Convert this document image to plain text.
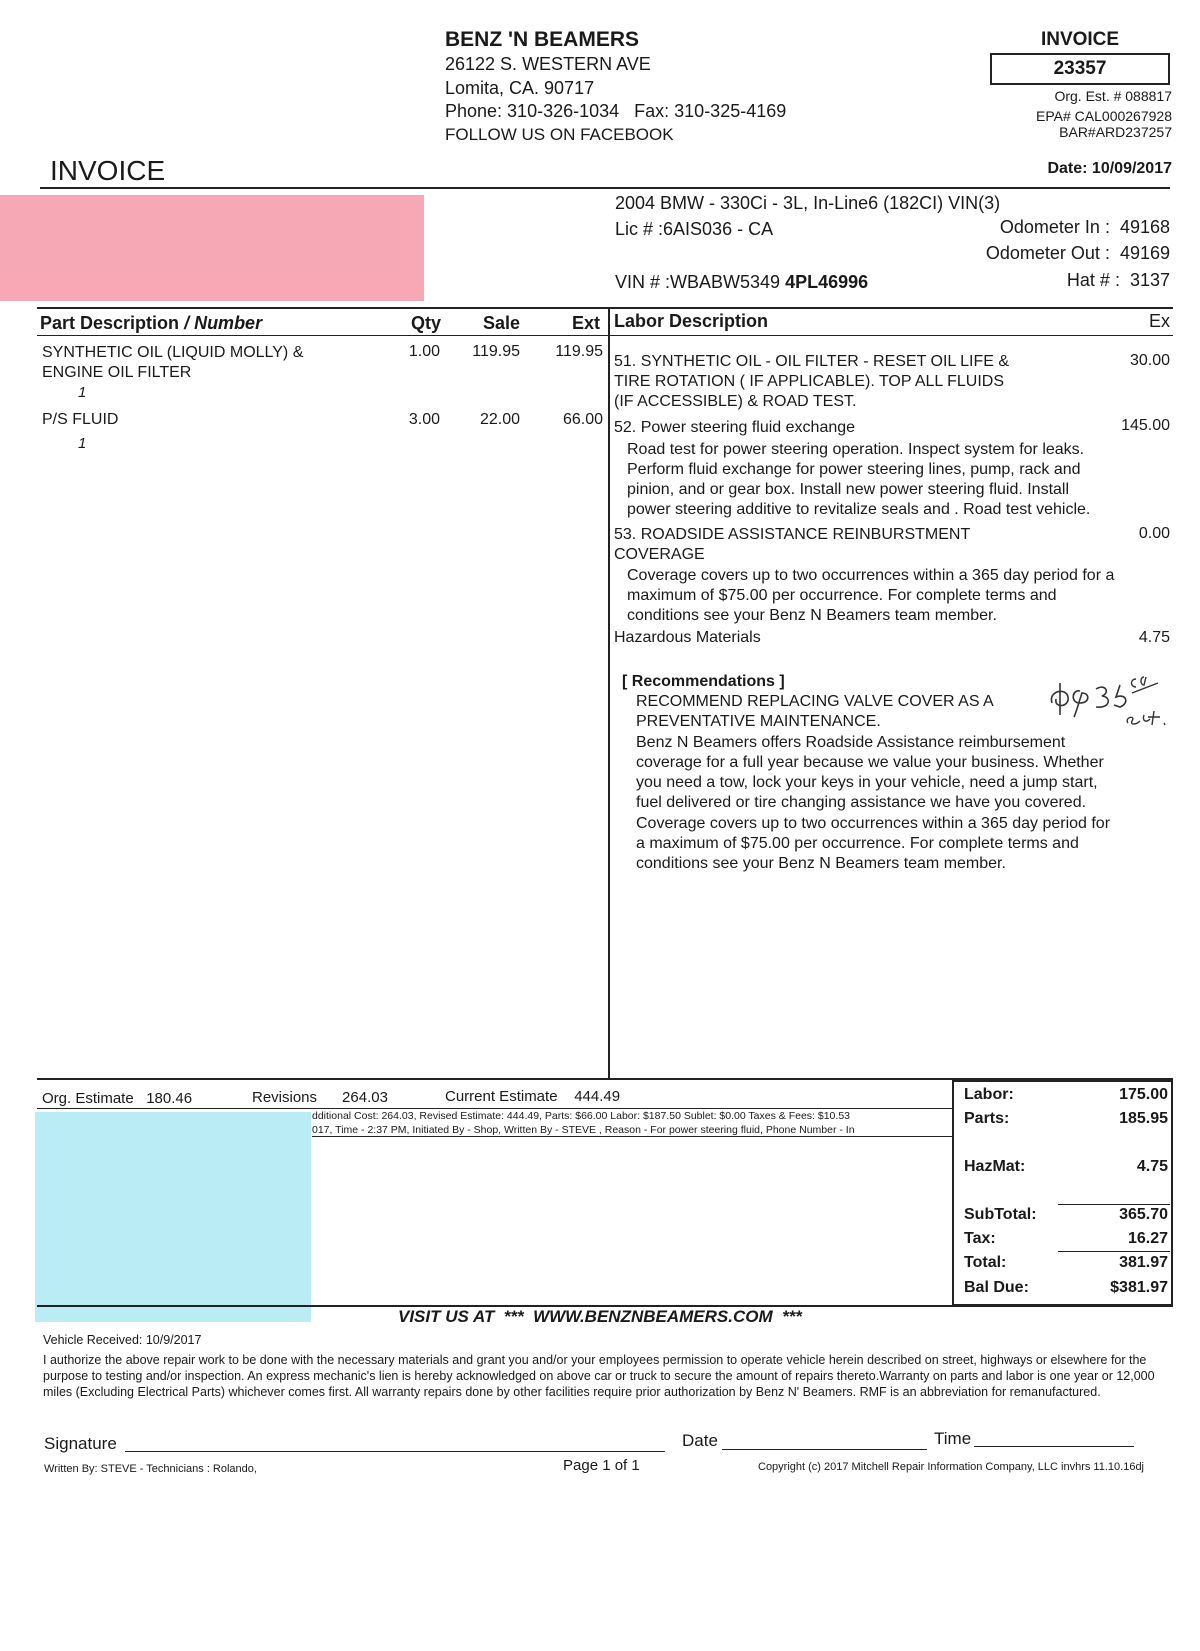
BENZ 'N BEAMERS
26122 S. WESTERN AVE
Lomita, CA. 90717
Phone: 310-326-1034   Fax: 310-325-4169
FOLLOW US ON FACEBOOK
INVOICE
23357
Org. Est. # 088817
EPA# CAL000267928
BAR#ARD237257
Date: 10/09/2017
INVOICE
2004 BMW - 330Ci - 3L, In-Line6 (182CI) VIN(3)
Lic # :6AIS036 - CA	Odometer In :  49168
Odometer Out :  49169
VIN # :WBABW5349 4PL46996	Hat # :  3137
Part Description / Number	Qty	Sale	Ext
SYNTHETIC OIL (LIQUID MOLLY) &
ENGINE OIL FILTER
1
1.00	119.95	119.95
P/S FLUID
1
3.00	22.00	66.00
Labor Description	Ex
51. SYNTHETIC OIL - OIL FILTER - RESET OIL LIFE &
TIRE ROTATION ( IF APPLICABLE). TOP ALL FLUIDS
(IF ACCESSIBLE) & ROAD TEST.
30.00
52. Power steering fluid exchange	145.00
Road test for power steering operation. Inspect system for leaks.
Perform fluid exchange for power steering lines, pump, rack and
pinion, and or gear box. Install new power steering fluid. Install
power steering additive to revitalize seals and . Road test vehicle.
53. ROADSIDE ASSISTANCE REINBURSTMENT
COVERAGE
0.00
Coverage covers up to two occurrences within a 365 day period for a
maximum of $75.00 per occurrence. For complete terms and
conditions see your Benz N Beamers team member.
Hazardous Materials	4.75
[ Recommendations ]
RECOMMEND REPLACING VALVE COVER AS A
PREVENTATIVE MAINTENANCE.
Benz N Beamers offers Roadside Assistance reimbursement
coverage for a full year because we value your business. Whether
you need a tow, lock your keys in your vehicle, need a jump start,
fuel delivered or tire changing assistance we have you covered.
Coverage covers up to two occurrences within a 365 day period for
a maximum of $75.00 per occurrence. For complete terms and
conditions see your Benz N Beamers team member.
Org. Estimate 180.46	Revisions 264.03	Current Estimate 444.49
dditional Cost: 264.03, Revised Estimate: 444.49, Parts: $66.00 Labor: $187.50 Sublet: $0.00 Taxes & Fees: $10.53
017, Time - 2:37 PM, Initiated By - Shop, Written By - STEVE , Reason - For power steering fluid, Phone Number - In
Labor:	175.00
Parts:	185.95
HazMat:	4.75
SubTotal:	365.70
Tax:	16.27
Total:	381.97
Bal Due:	$381.97
VISIT US AT  ***  WWW.BENZNBEAMERS.COM  ***
Vehicle Received: 10/9/2017
I authorize the above repair work to be done with the necessary materials and grant you and/or your employees permission to operate vehicle herein described on street, highways or elsewhere for the purpose to testing and/or inspection. An express mechanic's lien is hereby acknowledged on above car or truck to secure the amount of repairs thereto.Warranty on parts and labor is one year or 12,000 miles (Excluding Electrical Parts) whichever comes first. All warranty repairs done by other facilities require prior authorization by Benz N' Beamers. RMF is an abbreviation for remanufactured.
Signature	Date	Time
Written By: STEVE - Technicians : Rolando,	Page 1 of 1	Copyright (c) 2017 Mitchell Repair Information Company, LLC invhrs 11.10.16dj
